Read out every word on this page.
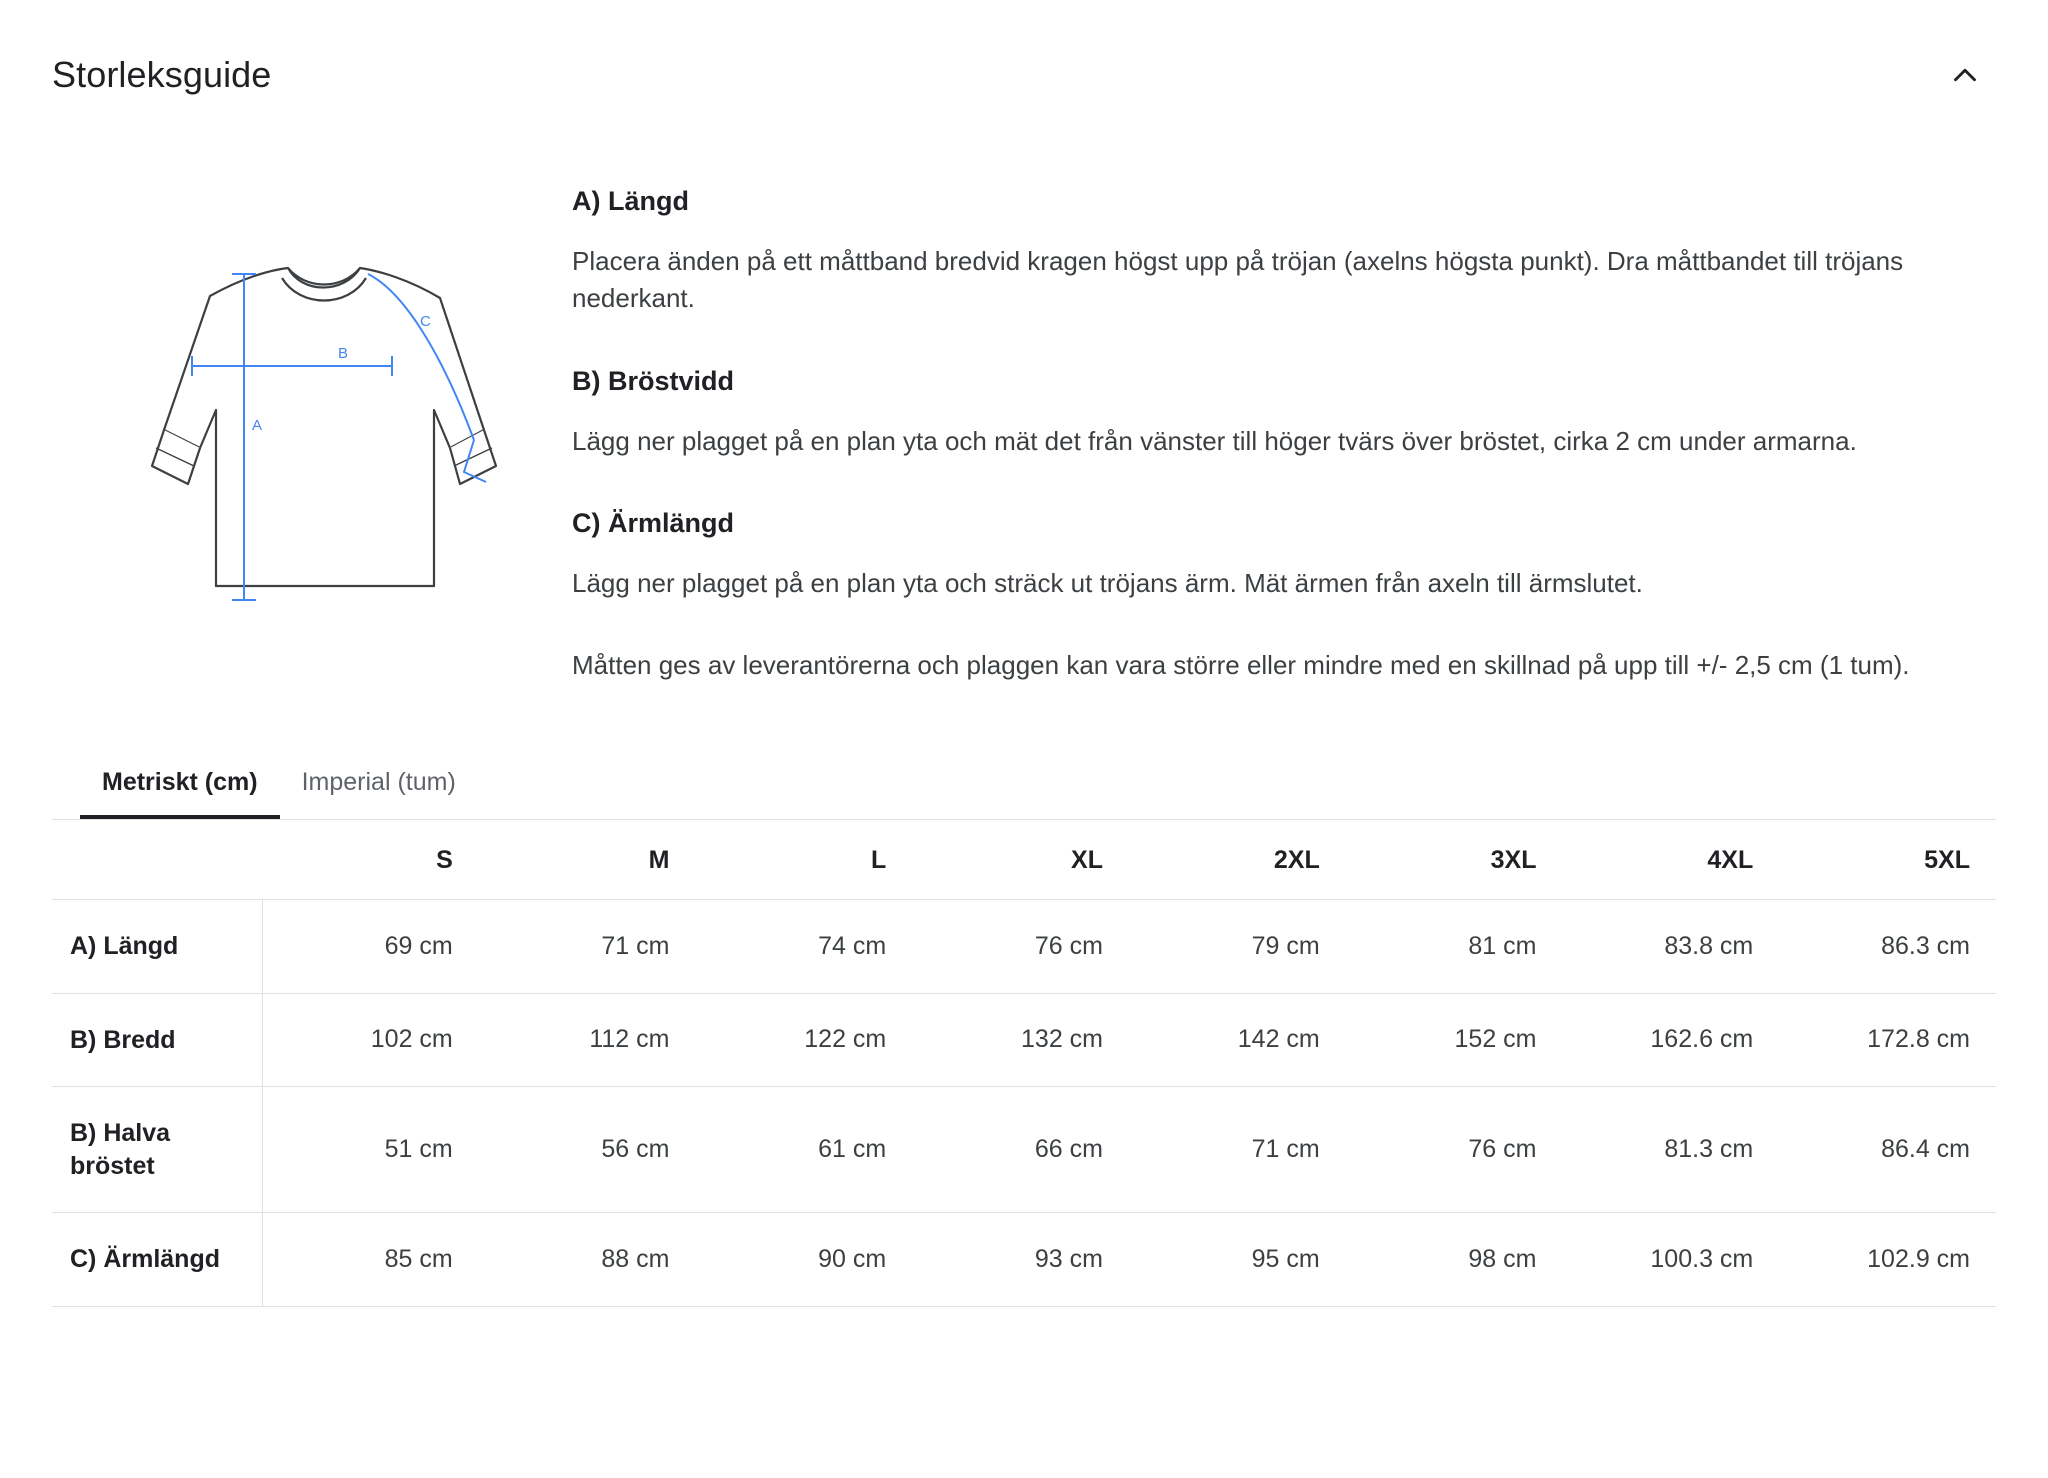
Storleksguide
A
B
C
A) Längd

Placera änden på ett måttband bredvid kragen högst upp på tröjan (axelns högsta punkt). Dra måttbandet till tröjans nederkant.

B) Bröstvidd

Lägg ner plagget på en plan yta och mät det från vänster till höger tvärs över bröstet, cirka 2 cm under armarna.

C) Ärmlängd

Lägg ner plagget på en plan yta och sträck ut tröjans ärm. Mät ärmen från axeln till ärmslutet.

Måtten ges av leverantörerna och plaggen kan vara större eller mindre med en skillnad på upp till +/- 2,5 cm (1 tum).

Metriskt (cm)	Imperial (tum)
	S	M	L	XL	2XL	3XL	4XL	5XL
A) Längd	69 cm	71 cm	74 cm	76 cm	79 cm	81 cm	83.8 cm	86.3 cm
B) Bredd	102 cm	112 cm	122 cm	132 cm	142 cm	152 cm	162.6 cm	172.8 cm
B) Halva bröstet	51 cm	56 cm	61 cm	66 cm	71 cm	76 cm	81.3 cm	86.4 cm
C) Ärmlängd	85 cm	88 cm	90 cm	93 cm	95 cm	98 cm	100.3 cm	102.9 cm
